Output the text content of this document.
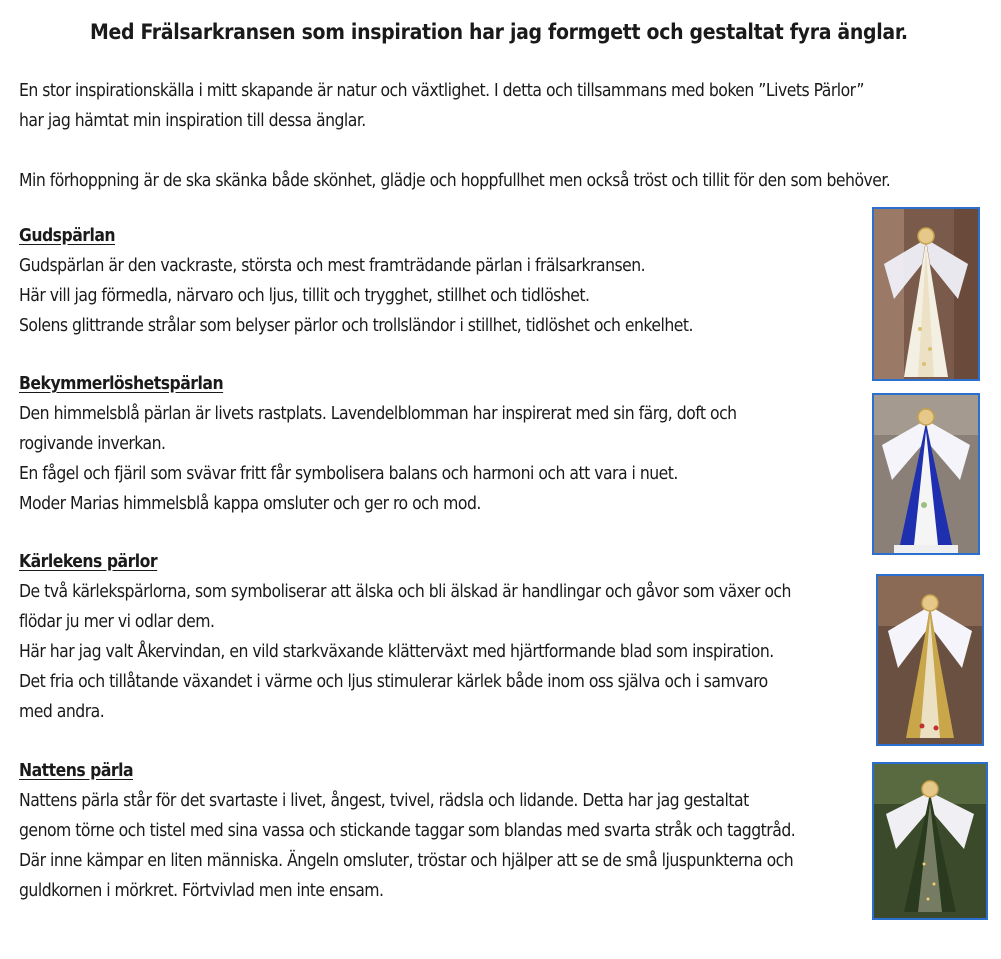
Med Frälsarkransen som inspiration har jag formgett och gestaltat fyra änglar.

En stor inspirationskälla i mitt skapande är natur och växtlighet. I detta och tillsammans med boken ”Livets Pärlor”

har jag hämtat min inspiration till dessa änglar.

Min förhoppning är de ska skänka både skönhet, glädje och hoppfullhet men också tröst och tillit för den som behöver.

Gudspärlan

Gudspärlan är den vackraste, största och mest framträdande pärlan i frälsarkransen.

Här vill jag förmedla, närvaro och ljus, tillit och trygghet, stillhet och tidlöshet.

Solens glittrande strålar som belyser pärlor och trollsländor i stillhet, tidlöshet och enkelhet.

Bekymmerlöshetspärlan

Den himmelsblå pärlan är livets rastplats. Lavendelblomman har inspirerat med sin färg, doft och

rogivande inverkan.

En fågel och fjäril som svävar fritt får symbolisera balans och harmoni och att vara i nuet.

Moder Marias himmelsblå kappa omsluter och ger ro och mod.

Kärlekens pärlor

De två kärlekspärlorna, som symboliserar att älska och bli älskad är handlingar och gåvor som växer och

flödar ju mer vi odlar dem.

Här har jag valt Åkervindan, en vild starkväxande klätterväxt med hjärtformande blad som inspiration.

Det fria och tillåtande växandet i värme och ljus stimulerar kärlek både inom oss själva och i samvaro

med andra.

Nattens pärla

Nattens pärla står för det svartaste i livet, ångest, tvivel, rädsla och lidande. Detta har jag gestaltat

genom törne och tistel med sina vassa och stickande taggar som blandas med svarta stråk och taggtråd.

Där inne kämpar en liten människa. Ängeln omsluter, tröstar och hjälper att se de små ljuspunkterna och

guldkornen i mörkret. Förtvivlad men inte ensam.
